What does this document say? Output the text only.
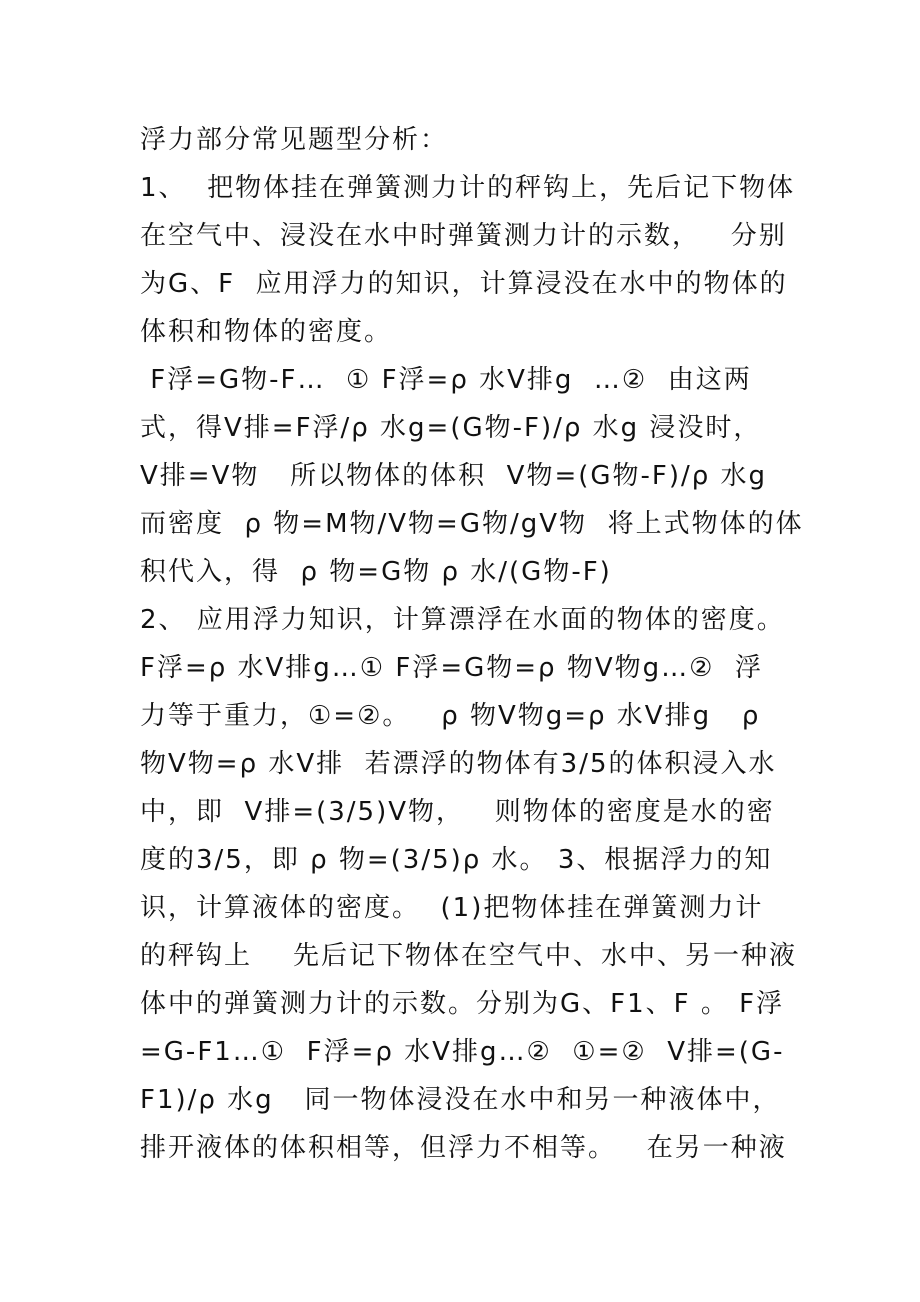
浮力部分常见题型分析：
1、  把物体挂在弹簧测力计的秤钩上，先后记下物体
在空气中、浸没在水中时弹簧测力计的示数，   分别
为G、F  应用浮力的知识，计算浸没在水中的物体的
体积和物体的密度。
F浮=G物-F…  ① F浮=ρ 水V排g  …②  由这两
式，得V排=F浮/ρ 水g=(G物-F)/ρ 水g 浸没时，
V排=V物   所以物体的体积  V物=(G物-F)/ρ 水g
而密度  ρ 物=M物/V物=G物/gV物  将上式物体的体
积代入，得  ρ 物=G物 ρ 水/(G物-F)
2、 应用浮力知识，计算漂浮在水面的物体的密度。
F浮=ρ 水V排g…① F浮=G物=ρ 物V物g…②  浮
力等于重力，①=②。   ρ 物V物g=ρ 水V排g   ρ
物V物=ρ 水V排  若漂浮的物体有3/5的体积浸入水
中，即  V排=(3/5)V物，   则物体的密度是水的密
度的3/5，即 ρ 物=(3/5)ρ 水。 3、根据浮力的知
识，计算液体的密度。  (1)把物体挂在弹簧测力计
的秤钩上    先后记下物体在空气中、水中、另一种液
体中的弹簧测力计的示数。分别为G、F1、F 。 F浮
=G-F1…①  F浮=ρ 水V排g…②  ①=②  V排=(G-
F1)/ρ 水g   同一物体浸没在水中和另一种液体中，
排开液体的体积相等，但浮力不相等。   在另一种液
